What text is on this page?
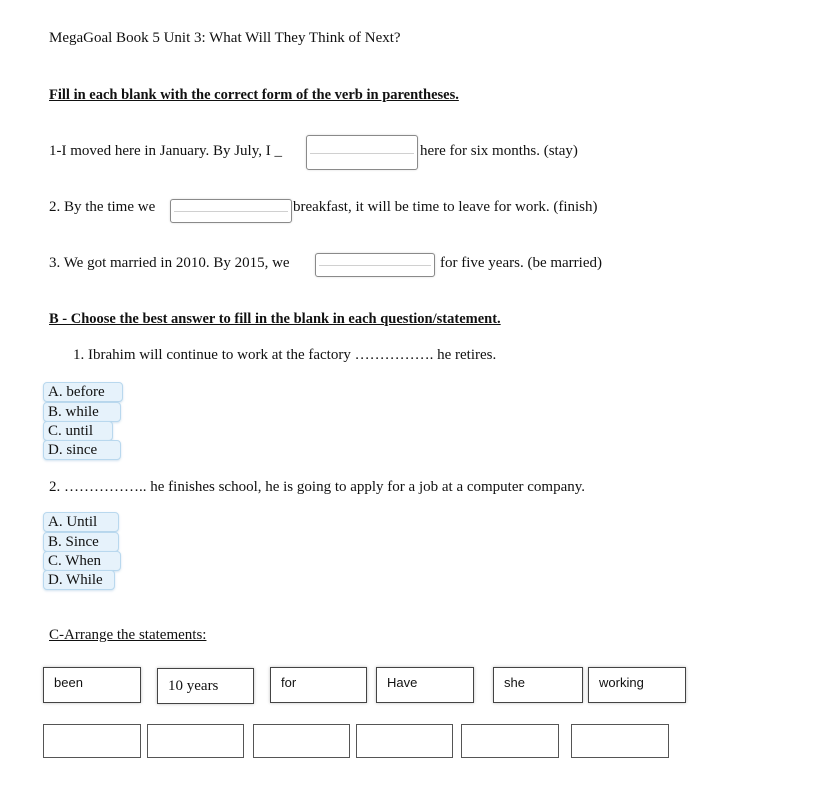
MegaGoal Book 5 Unit 3: What Will They Think of Next?
Fill in each blank with the correct form of the verb in parentheses.
1-I moved here in January. By July, I _	here for six months. (stay)
2. By the time we	breakfast, it will be time to leave for work. (finish)
3. We got married in 2010. By 2015, we	for five years. (be married)
B - Choose the best answer to fill in the blank in each question/statement.
1. Ibrahim will continue to work at the factory ……………. he retires.
A. before
B. while
C. until
D. since
2. …………….. he finishes school, he is going to apply for a job at a computer company.
A. Until
B. Since
C. When
D. While
C-Arrange the statements:
been	10 years	for	Have	she	working
